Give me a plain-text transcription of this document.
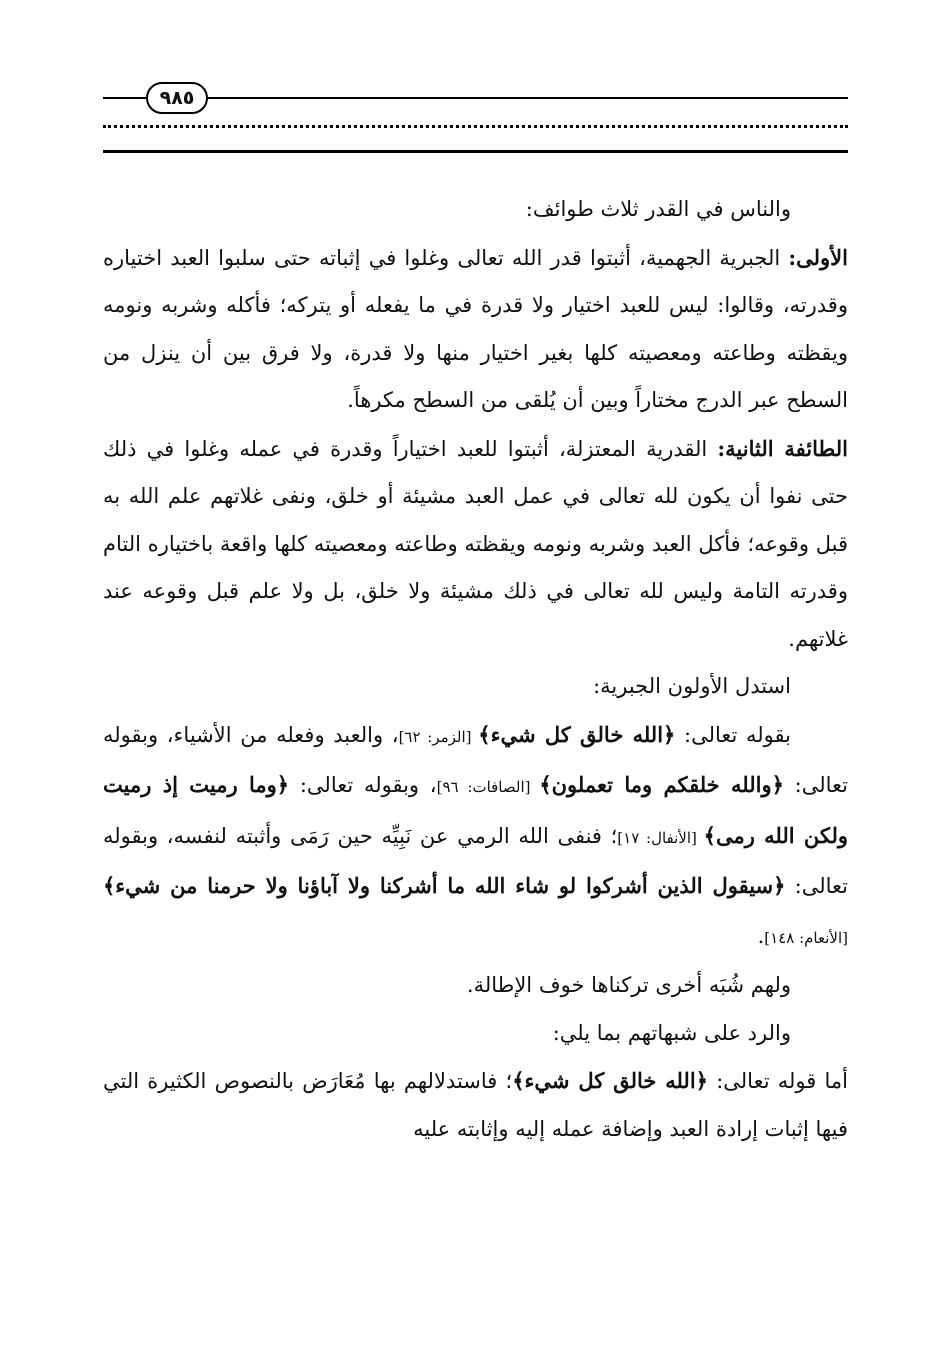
٩٨٥

والناس في القدر ثلاث طوائف:

الأولى: الجبرية الجهمية، أثبتوا قدر الله تعالى وغلوا في إثباته حتى سلبوا العبد اختياره وقدرته، وقالوا: ليس للعبد اختيار ولا قدرة في ما يفعله أو يتركه؛ فأكله وشربه ونومه ويقظته وطاعته ومعصيته كلها بغير اختيار منها ولا قدرة، ولا فرق بين أن ينزل من السطح عبر الدرج مختاراً وبين أن يُلقى من السطح مكرهاً.

الطائفة الثانية: القدرية المعتزلة، أثبتوا للعبد اختياراً وقدرة في عمله وغلوا في ذلك حتى نفوا أن يكون لله تعالى في عمل العبد مشيئة أو خلق، ونفى غلاتهم علم الله به قبل وقوعه؛ فأكل العبد وشربه ونومه ويقظته وطاعته ومعصيته كلها واقعة باختياره التام وقدرته التامة وليس لله تعالى في ذلك مشيئة ولا خلق، بل ولا علم قبل وقوعه عند غلاتهم.

استدل الأولون الجبرية:

بقوله تعالى: ﴿الله خالق كل شيء﴾ [الزمر: ٦٢]، والعبد وفعله من الأشياء، وبقوله تعالى: ﴿والله خلقكم وما تعملون﴾ [الصافات: ٩٦]، وبقوله تعالى: ﴿وما رميت إذ رميت ولكن الله رمى﴾ [الأنفال: ١٧]؛ فنفى الله الرمي عن نَبِيِّه حين رَمَى وأثبته لنفسه، وبقوله تعالى: ﴿سيقول الذين أشركوا لو شاء الله ما أشركنا ولا آباؤنا ولا حرمنا من شيء﴾ [الأنعام: ١٤٨].

ولهم شُبَه أخرى تركناها خوف الإطالة.

والرد على شبهاتهم بما يلي:

أما قوله تعالى: ﴿الله خالق كل شيء﴾؛ فاستدلالهم بها مُعَارَض بالنصوص الكثيرة التي فيها إثبات إرادة العبد وإضافة عمله إليه وإثابته عليه
